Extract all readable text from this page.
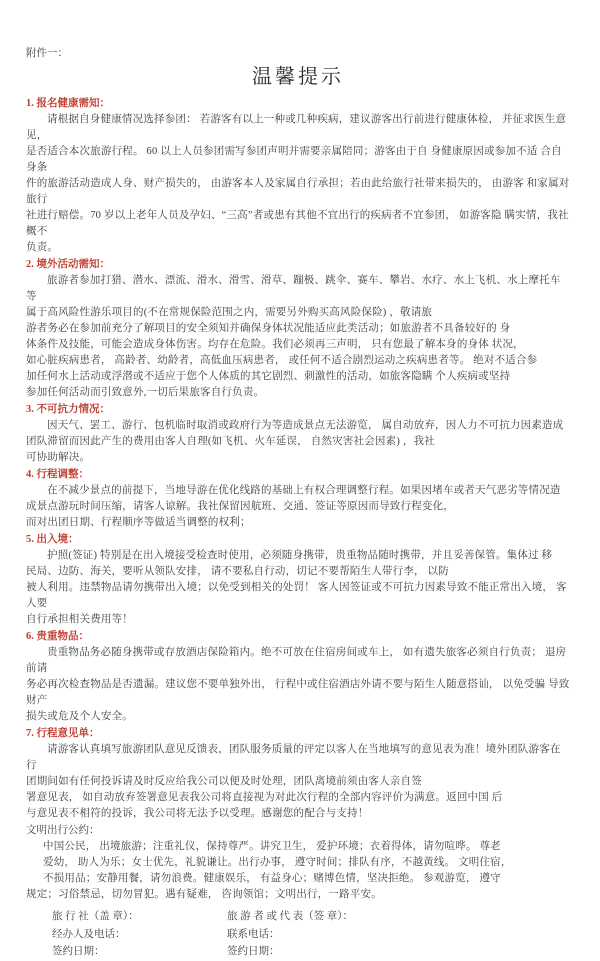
附件一：
温馨提示
1. 报名健康需知：
请根据自身健康情况选择参团： 若游客有以上一种或几种疾病，建议游客出行前进行健康体检， 并征求医生意 见，
是否适合本次旅游行程。 60 以上人员参团需写参团声明并需要亲属陪同；游客由于自 身健康原因或参加不适 合自身条
件的旅游活动造成人身、财产损失的， 由游客本人及家属自行承担；若由此给旅行社带来损失的， 由游客 和家属对旅行
社进行赔偿。70 岁以上老年人员及孕妇、“三高”者或患有其他不宜出行的疾病者不宜参团， 如游客隐 瞒实情，我社概不
负责。
2. 境外活动需知：
旅游者参加打猎、潜水、漂流、滑水、滑雪、滑草、蹦极、跳伞、赛车、攀岩、水疗、水上飞机、水上摩托车 等
属于高风险性游乐项目的(不在常规保险范围之内，需要另外购买高风险保险) ，敬请旅
游者务必在参加前充分了解项目的安全须知并确保身体状况能适应此类活动；如旅游者不具备较好的 身
体条件及技能，可能会造成身体伤害。均存在危险。我们必须再三声明， 只有您最了解本身的身体 状况，
如心脏疾病患者， 高龄者、幼龄者，高低血压病患者， 或任何不适合剧烈运动之疾病患者等。 绝对不适合参
加任何水上活动或浮潜或不适应于您个人体质的其它剧烈、刺激性的活动，如旅客隐瞒 个人疾病或坚持
参加任何活动而引致意外,一切后果旅客自行负责。
3. 不可抗力情况：
因天气、罢工、游行、包机临时取消或政府行为等造成景点无法游览， 属自动放弃，因人力不可抗力因素造成
团队滞留而因此产生的费用由客人自理(如飞机、火车延误， 自然灾害社会因素) ，我社
可协助解决。
4. 行程调整：
在不减少景点的前提下，当地导游在优化线路的基础上有权合理调整行程。如果因堵车或者天气恶劣等情况造
成景点游玩时间压缩，请客人谅解。我社保留因航班、交通、签证等原因而导致行程变化，
而对出团日期、行程顺序等做适当调整的权利；
5. 出入境：
护照(签证) 特别是在出入境接受检查时使用，必须随身携带，贵重物品随时携带，并且妥善保管。集体过 移
民局、边防、海关，要听从领队安排， 请不要私自行动，切记不要帮陌生人带行李， 以防
被人利用。违禁物品请勿携带出入境；以免受到相关的处罚！ 客人因签证或不可抗力因素导致不能正常出入境， 客 人要
自行承担相关费用等！
6. 贵重物品：
贵重物品务必随身携带或存放酒店保险箱内。绝不可放在住宿房间或车上， 如有遗失旅客必须自行负责； 退房 前请
务必再次检查物品是否遗漏。建议您不要单独外出， 行程中或住宿酒店外请不要与陌生人随意搭讪， 以免受骗 导致财产
损失或危及个人安全。
7. 行程意见单：
请游客认真填写旅游团队意见反馈表，团队服务质量的评定以客人在当地填写的意见表为准！境外团队游客在 行
团期间如有任何投诉请及时反应给我公司以便及时处理，团队离境前须由客人亲自签
署意见表， 如自动放弃签署意见表我公司将直接视为对此次行程的全部内容评价为满意。返回中国 后
与意见表不相符的投诉，我公司将无法予以受理。感谢您的配合与支持！
文明出行公约：
中国公民， 出境旅游；注重礼仪，保持尊严。讲究卫生， 爱护环境；衣着得体，请勿喧哗。 尊老
爱幼， 助人为乐；女士优先，礼貌谦让。出行办事， 遵守时间；排队有序，不越黄线。 文明住宿，
不损用品；安静用餐，请勿浪费。健康娱乐， 有益身心；赌博色情，坚决拒绝。 参观游览， 遵守
规定；习俗禁忌，切勿冒犯。遇有疑难， 咨询领馆；文明出行，一路平安。
旅 行 社（盖 章）：	旅 游 者 或 代 表（签 章）：
经办人及电话：	联系电话：
签约日期：	签约日期：
